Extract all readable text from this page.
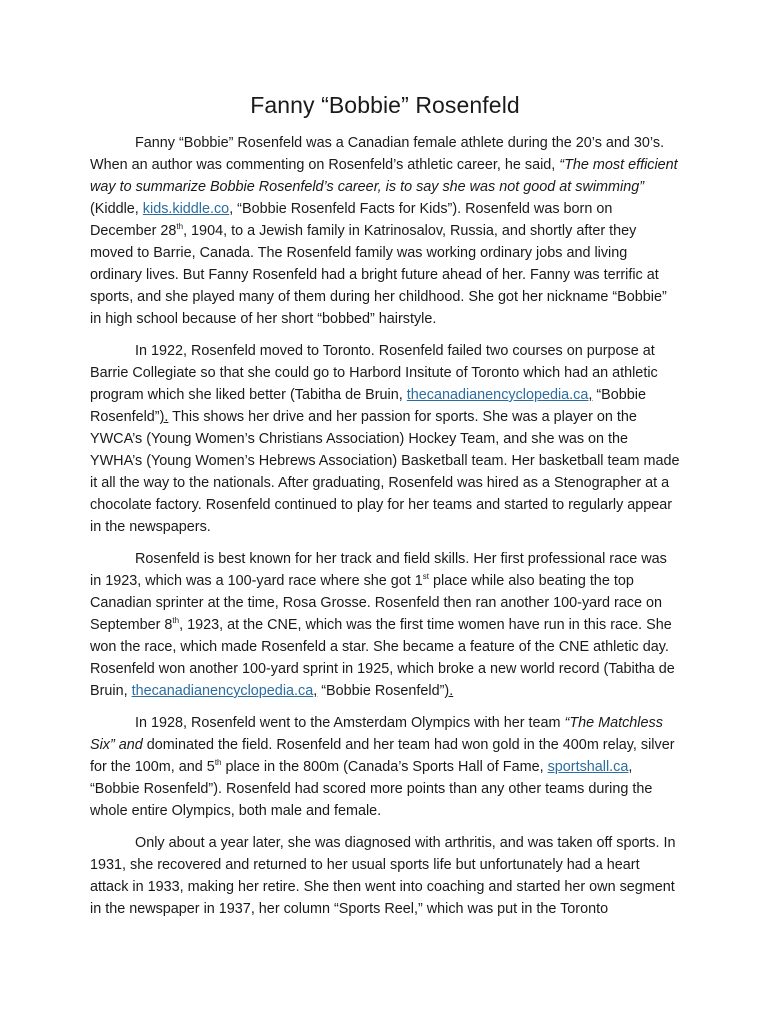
Fanny “Bobbie” Rosenfeld

Fanny “Bobbie” Rosenfeld was a Canadian female athlete during the 20’s and 30’s. When an author was commenting on Rosenfeld’s athletic career, he said, “The most efficient way to summarize Bobbie Rosenfeld’s career, is to say she was not good at swimming” (Kiddle, kids.kiddle.co, “Bobbie Rosenfeld Facts for Kids”). Rosenfeld was born on December 28th, 1904, to a Jewish family in Katrinosalov, Russia, and shortly after they moved to Barrie, Canada. The Rosenfeld family was working ordinary jobs and living ordinary lives. But Fanny Rosenfeld had a bright future ahead of her. Fanny was terrific at sports, and she played many of them during her childhood. She got her nickname “Bobbie” in high school because of her short “bobbed” hairstyle.

In 1922, Rosenfeld moved to Toronto. Rosenfeld failed two courses on purpose at Barrie Collegiate so that she could go to Harbord Insitute of Toronto which had an athletic program which she liked better (Tabitha de Bruin, thecanadianencyclopedia.ca, “Bobbie Rosenfeld”). This shows her drive and her passion for sports. She was a player on the YWCA’s (Young Women’s Christians Association) Hockey Team, and she was on the YWHA’s (Young Women’s Hebrews Association) Basketball team. Her basketball team made it all the way to the nationals. After graduating, Rosenfeld was hired as a Stenographer at a chocolate factory. Rosenfeld continued to play for her teams and started to regularly appear in the newspapers.

Rosenfeld is best known for her track and field skills. Her first professional race was in 1923, which was a 100-yard race where she got 1st place while also beating the top Canadian sprinter at the time, Rosa Grosse. Rosenfeld then ran another 100-yard race on September 8th, 1923, at the CNE, which was the first time women have run in this race. She won the race, which made Rosenfeld a star. She became a feature of the CNE athletic day. Rosenfeld won another 100-yard sprint in 1925, which broke a new world record (Tabitha de Bruin, thecanadianencyclopedia.ca, “Bobbie Rosenfeld”).

In 1928, Rosenfeld went to the Amsterdam Olympics with her team “The Matchless Six” and dominated the field. Rosenfeld and her team had won gold in the 400m relay, silver for the 100m, and 5th place in the 800m (Canada’s Sports Hall of Fame, sportshall.ca, “Bobbie Rosenfeld”). Rosenfeld had scored more points than any other teams during the whole entire Olympics, both male and female.

Only about a year later, she was diagnosed with arthritis, and was taken off sports. In 1931, she recovered and returned to her usual sports life but unfortunately had a heart attack in 1933, making her retire. She then went into coaching and started her own segment in the newspaper in 1937, her column “Sports Reel,” which was put in the Toronto
